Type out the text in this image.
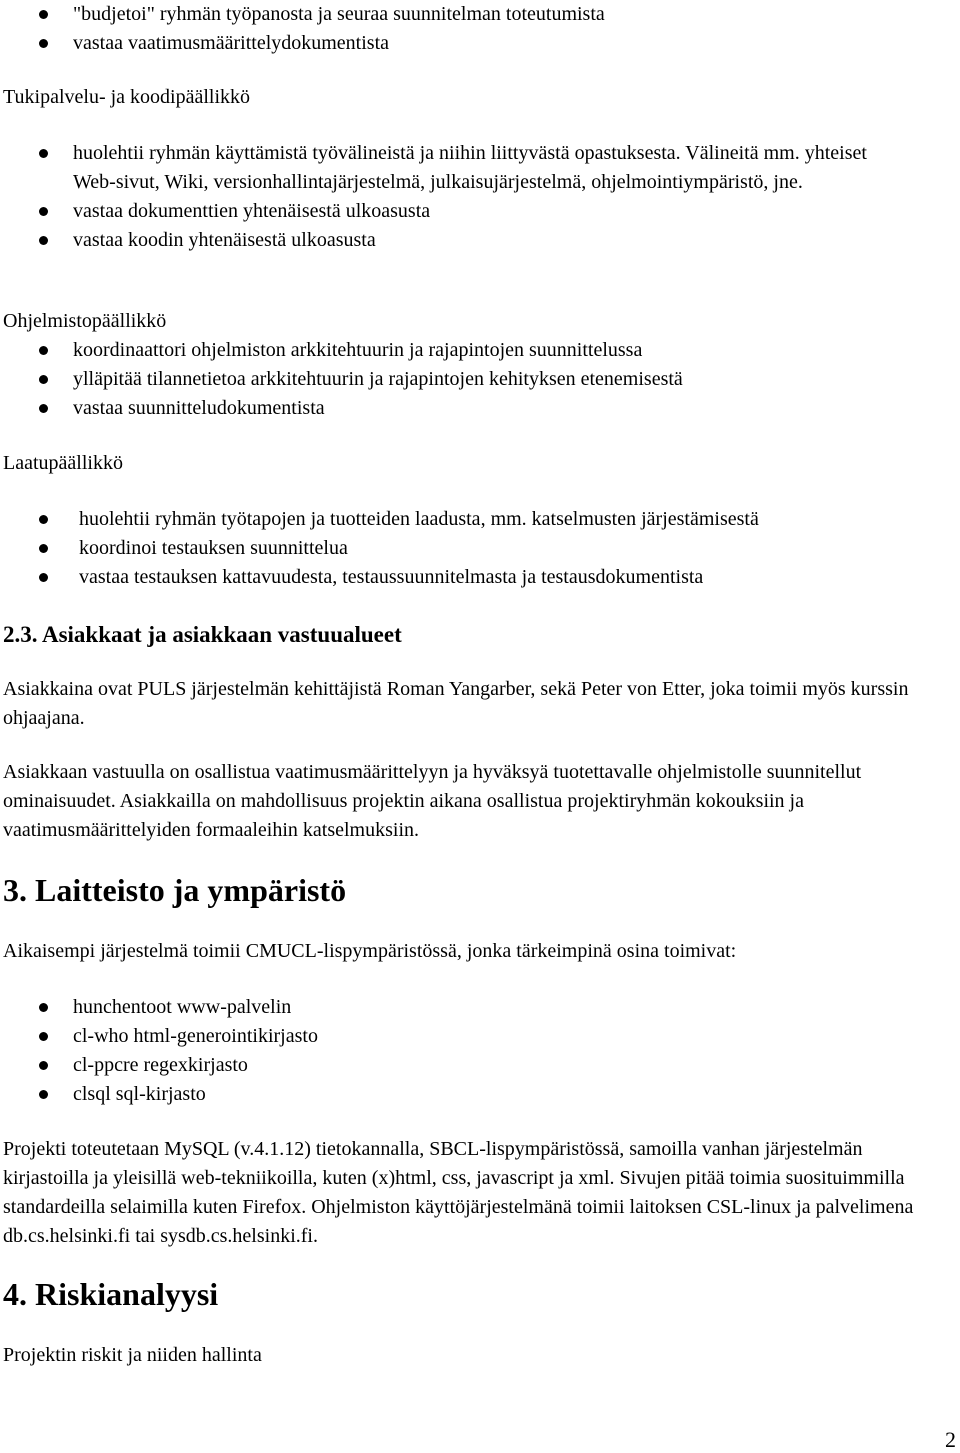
"budjetoi" ryhmän työpanosta ja seuraa suunnitelman toteutumista
vastaa vaatimusmäärittelydokumentista

Tukipalvelu- ja koodipäällikkö

huolehtii ryhmän käyttämistä työvälineistä ja niihin liittyvästä opastuksesta. Välineitä mm. yhteiset Web-sivut, Wiki, versionhallintajärjestelmä, julkaisujärjestelmä, ohjelmointiympäristö, jne.
vastaa dokumenttien yhtenäisestä ulkoasusta
vastaa koodin yhtenäisestä ulkoasusta

Ohjelmistopäällikkö

koordinaattori ohjelmiston arkkitehtuurin ja rajapintojen suunnittelussa
ylläpitää tilannetietoa arkkitehtuurin ja rajapintojen kehityksen etenemisestä
vastaa suunnitteludokumentista

Laatupäällikkö

huolehtii ryhmän työtapojen ja tuotteiden laadusta, mm. katselmusten järjestämisestä
koordinoi testauksen suunnittelua
vastaa testauksen kattavuudesta, testaussuunnitelmasta ja testausdokumentista
2.3. Asiakkaat ja asiakkaan vastuualueet

Asiakkaina ovat PULS järjestelmän kehittäjistä Roman Yangarber, sekä Peter von Etter, joka toimii myös kurssin ohjaajana.

Asiakkaan vastuulla on osallistua vaatimusmäärittelyyn ja hyväksyä tuotettavalle ohjelmistolle suunnitellut ominaisuudet. Asiakkailla on mahdollisuus projektin aikana osallistua projektiryhmän kokouksiin ja vaatimusmäärittelyiden formaaleihin katselmuksiin.

3. Laitteisto ja ympäristö

Aikaisempi järjestelmä toimii CMUCL-lispympäristössä, jonka tärkeimpinä osina toimivat:

hunchentoot www-palvelin
cl-who html-generointikirjasto
cl-ppcre regexkirjasto
clsql sql-kirjasto

Projekti toteutetaan MySQL (v.4.1.12) tietokannalla, SBCL-lispympäristössä, samoilla vanhan järjestelmän kirjastoilla ja yleisillä web-tekniikoilla, kuten (x)html, css, javascript ja xml. Sivujen pitää toimia suosituimmilla standardeilla selaimilla kuten Firefox. Ohjelmiston käyttöjärjestelmänä toimii laitoksen CSL-linux ja palvelimena db.cs.helsinki.fi tai sysdb.cs.helsinki.fi.

4. Riskianalyysi

Projektin riskit ja niiden hallinta

2
